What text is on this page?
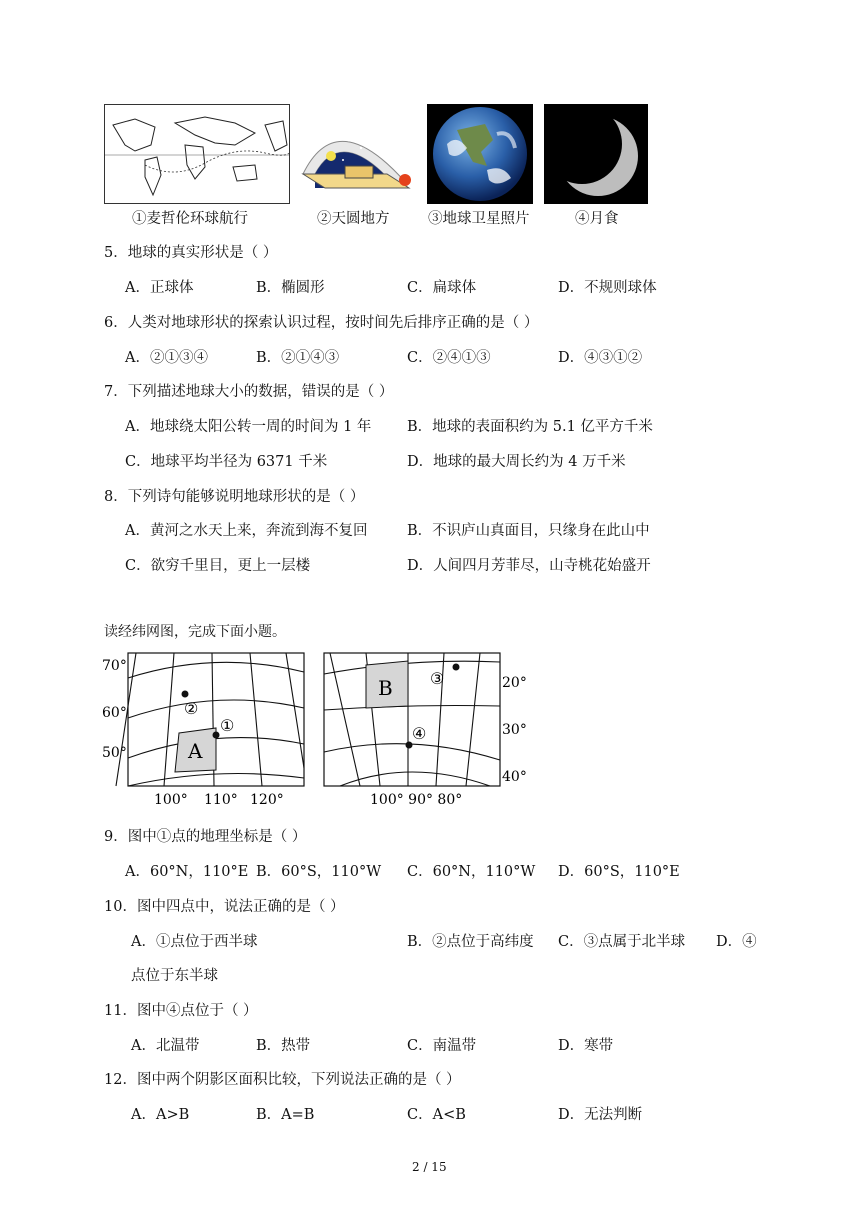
①麦哲伦环球航行	②天圆地方	③地球卫星照片	④月食
5．地球的真实形状是（ ）
A．正球体	B．椭圆形	C．扁球体	D．不规则球体
6．人类对地球形状的探索认识过程，按时间先后排序正确的是（ ）
A．②①③④	B．②①④③	C．②④①③	D．④③①②
7．下列描述地球大小的数据，错误的是（ ）
A．地球绕太阳公转一周的时间为 1 年 B．地球的表面积约为 5.1 亿平方千米
C．地球平均半径为 6371 千米	D．地球的最大周长约为 4 万千米
8．下列诗句能够说明地球形状的是（ ）
A．黄河之水天上来，奔流到海不复回	B．不识庐山真面目，只缘身在此山中
C．欲穷千里目，更上一层楼	D．人间四月芳菲尽，山寺桃花始盛开
读经纬网图，完成下面小题。
②
①
A
70°
60°
50°
100° 110° 120°
B ③
④
20°
30°
40°
100° 90° 80°
9．图中①点的地理坐标是（ ）
A．60°N，110°E B．60°S，110°W C．60°N，110°W D．60°S，110°E
10．图中四点中，说法正确的是（ ）
A．①点位于西半球	B．②点位于高纬度 C．③点属于北半球 D．④
点位于东半球
11．图中④点位于（ ）
A．北温带	B．热带	C．南温带	D．寒带
12．图中两个阴影区面积比较，下列说法正确的是（ ）
A．A>B	B．A=B	C．A<B	D．无法判断
2 / 15
